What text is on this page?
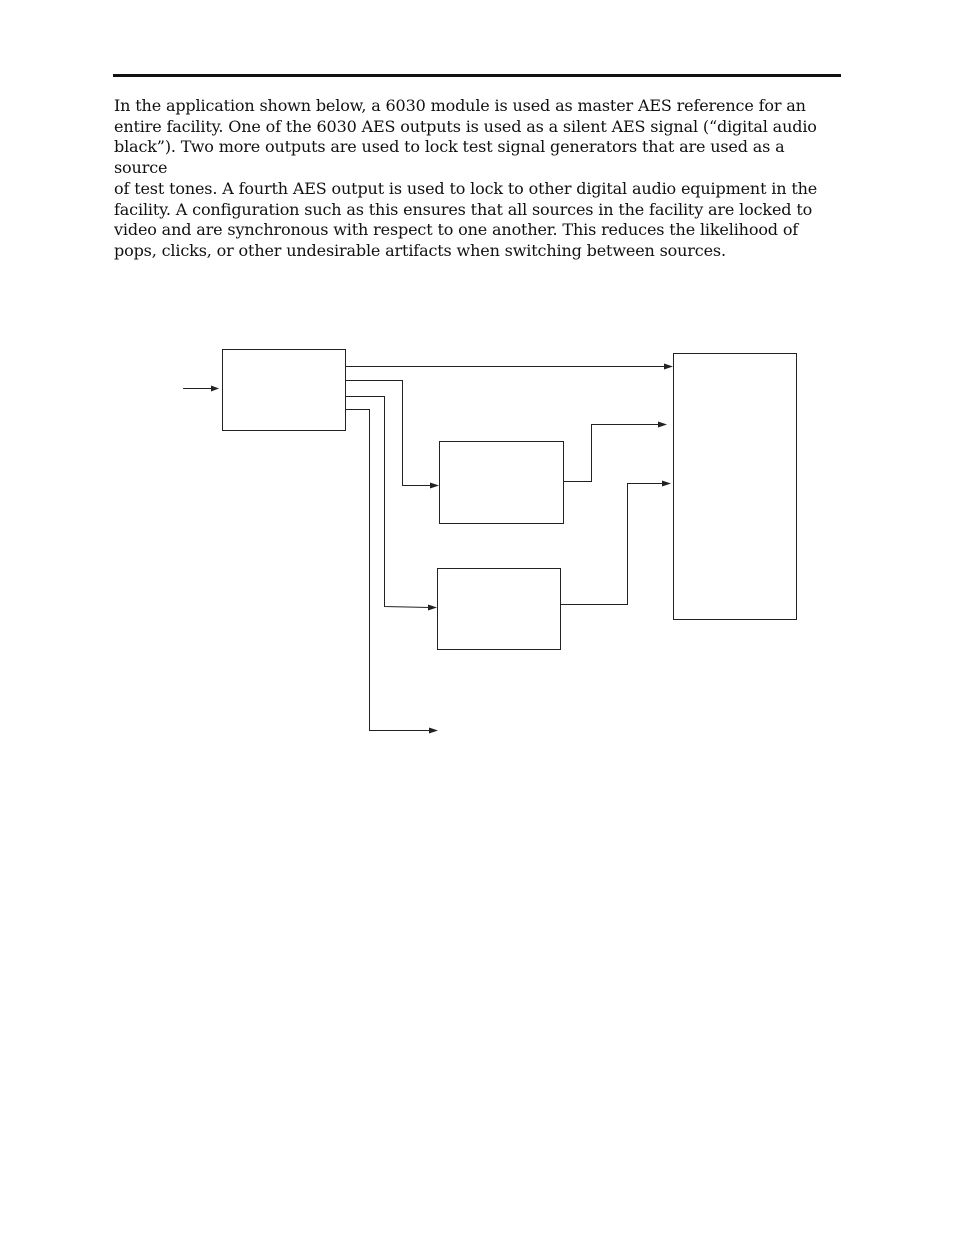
In the application shown below, a 6030 module is used as master AES reference for an
entire facility. One of the 6030 AES outputs is used as a silent AES signal (“digital audio
black”). Two more outputs are used to lock test signal generators that are used as a source
of test tones. A fourth AES output is used to lock to other digital audio equipment in the
facility. A configuration such as this ensures that all sources in the facility are locked to
video and are synchronous with respect to one another. This reduces the likelihood of
pops, clicks, or other undesirable artifacts when switching between sources.
